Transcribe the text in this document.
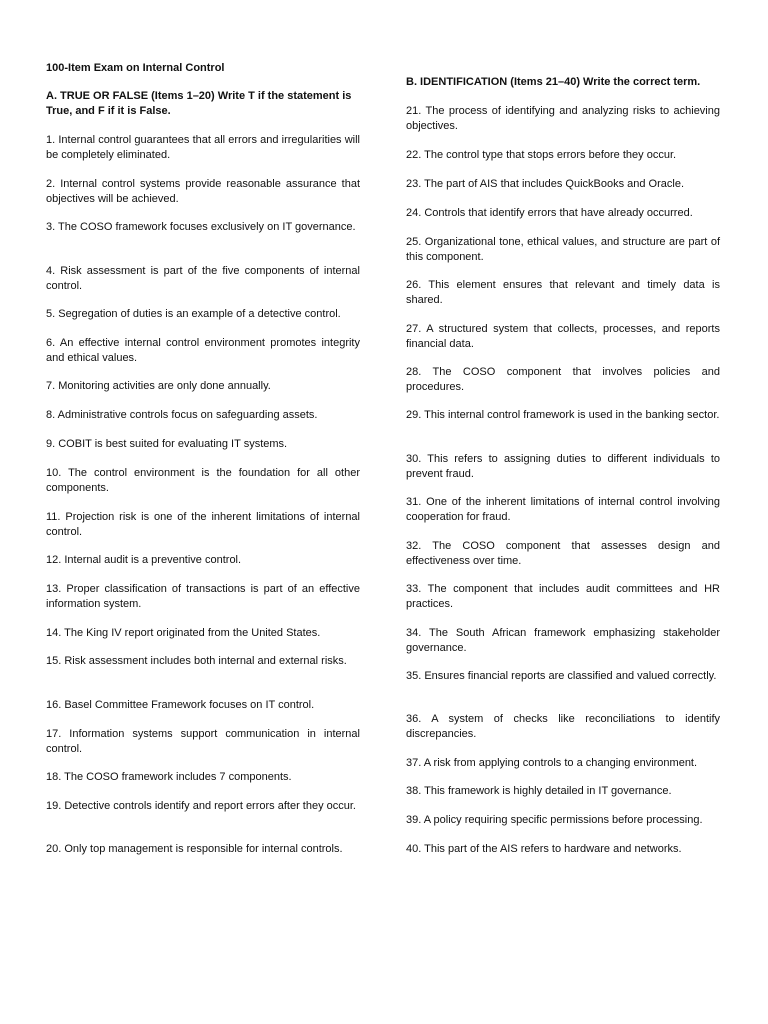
100-Item Exam on Internal Control

A. TRUE OR FALSE (Items 1–20) Write T if the statement is True, and F if it is False.

1. Internal control guarantees that all errors and irregularities will be completely eliminated.

2. Internal control systems provide reasonable assurance that objectives will be achieved.

3. The COSO framework focuses exclusively on IT governance.

4. Risk assessment is part of the five components of internal control.

5. Segregation of duties is an example of a detective control.

6. An effective internal control environment promotes integrity and ethical values.

7. Monitoring activities are only done annually.

8. Administrative controls focus on safeguarding assets.

9. COBIT is best suited for evaluating IT systems.

10. The control environment is the foundation for all other components.

11. Projection risk is one of the inherent limitations of internal control.

12. Internal audit is a preventive control.

13. Proper classification of transactions is part of an effective information system.

14. The King IV report originated from the United States.

15. Risk assessment includes both internal and external risks.

16. Basel Committee Framework focuses on IT control.

17. Information systems support communication in internal control.

18. The COSO framework includes 7 components.

19. Detective controls identify and report errors after they occur.

20. Only top management is responsible for internal controls.

B. IDENTIFICATION (Items 21–40) Write the correct term.

21. The process of identifying and analyzing risks to achieving objectives.

22. The control type that stops errors before they occur.

23. The part of AIS that includes QuickBooks and Oracle.

24. Controls that identify errors that have already occurred.

25. Organizational tone, ethical values, and structure are part of this component.

26. This element ensures that relevant and timely data is shared.

27. A structured system that collects, processes, and reports financial data.

28. The COSO component that involves policies and procedures.

29. This internal control framework is used in the banking sector.

30. This refers to assigning duties to different individuals to prevent fraud.

31. One of the inherent limitations of internal control involving cooperation for fraud.

32. The COSO component that assesses design and effectiveness over time.

33. The component that includes audit committees and HR practices.

34. The South African framework emphasizing stakeholder governance.

35. Ensures financial reports are classified and valued correctly.

36. A system of checks like reconciliations to identify discrepancies.

37. A risk from applying controls to a changing environment.

38. This framework is highly detailed in IT governance.

39. A policy requiring specific permissions before processing.

40. This part of the AIS refers to hardware and networks.
